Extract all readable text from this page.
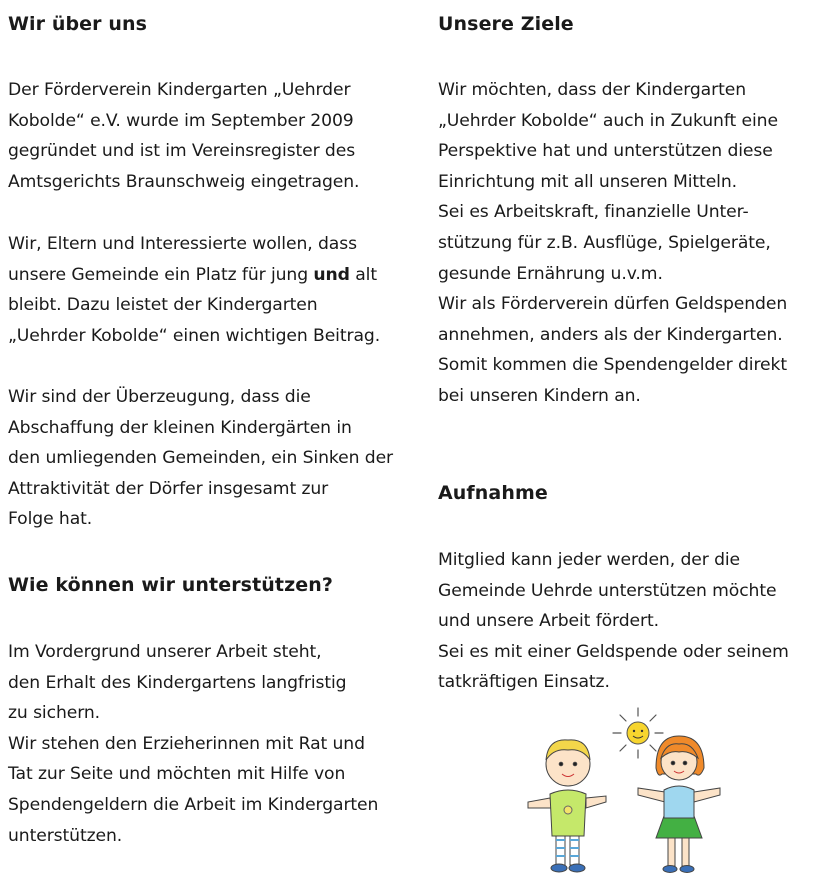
Wir über uns

Der Förderverein Kindergarten „Uehrder
Kobolde“ e.V. wurde im September 2009
gegründet und ist im Vereinsregister des
Amtsgerichts Braunschweig eingetragen.

Wir, Eltern und Interessierte wollen, dass
unsere Gemeinde ein Platz für jung und alt
bleibt. Dazu leistet der Kindergarten
„Uehrder Kobolde“ einen wichtigen Beitrag.

Wir sind der Überzeugung, dass die
Abschaffung der kleinen Kindergärten in
den umliegenden Gemeinden, ein Sinken der
Attraktivität der Dörfer insgesamt zur
Folge hat.

Wie können wir unterstützen?

Im Vordergrund unserer Arbeit steht,
den Erhalt des Kindergartens langfristig
zu sichern.
Wir stehen den Erzieherinnen mit Rat und
Tat zur Seite und möchten mit Hilfe von
Spendengeldern die Arbeit im Kindergarten
unterstützen.

Unsere Ziele

Wir möchten, dass der Kindergarten
„Uehrder Kobolde“ auch in Zukunft eine
Perspektive hat und unterstützen diese
Einrichtung mit all unseren Mitteln.
Sei es Arbeitskraft, finanzielle Unter-
stützung für z.B. Ausflüge, Spielgeräte,
gesunde Ernährung u.v.m.
Wir als Förderverein dürfen Geldspenden
annehmen, anders als der Kindergarten.
Somit kommen die Spendengelder direkt
bei unseren Kindern an.

Aufnahme

Mitglied kann jeder werden, der die
Gemeinde Uehrde unterstützen möchte
und unsere Arbeit fördert.
Sei es mit einer Geldspende oder seinem
tatkräftigen Einsatz.
